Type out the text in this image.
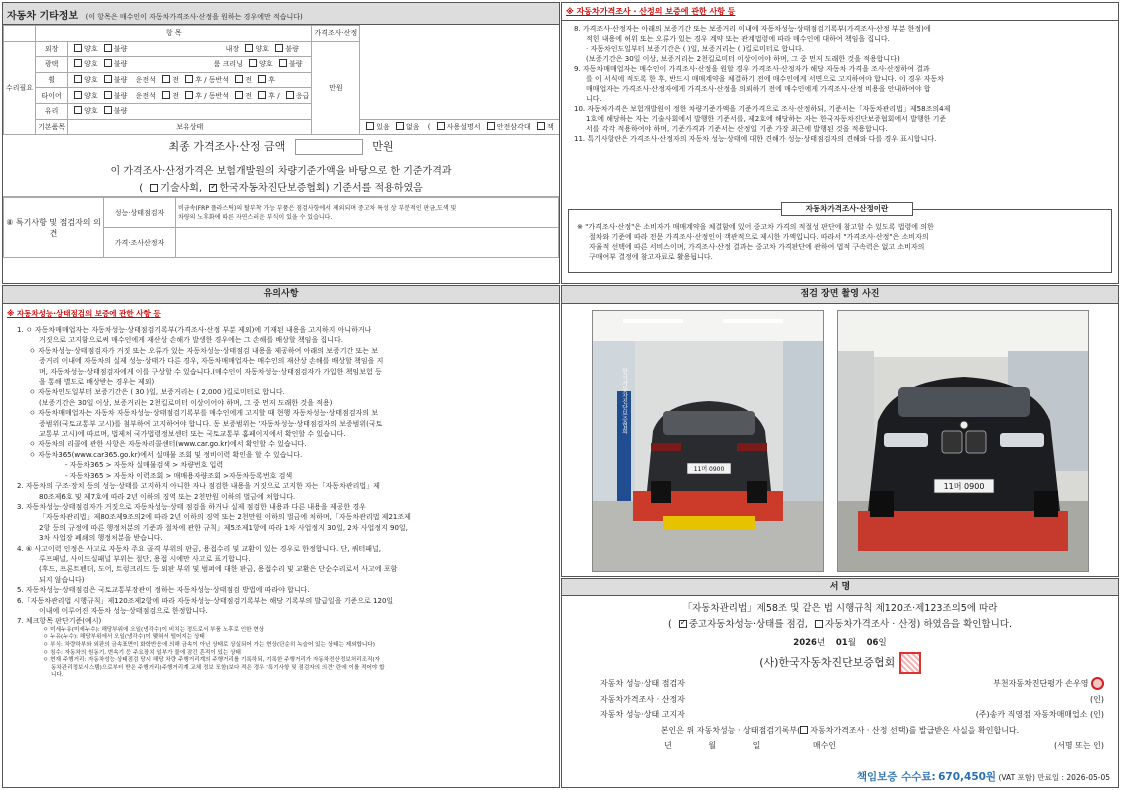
자동차 기타정보 (이 항목은 매수인이 자동차가격조사·산정을 원하는 경우에만 적습니다)
	항 목		가격조사·산정	
수리필요	외장	양호 불량 내장 양호 불량	만원	
	광택	양호 불량 룸 크리닝 양호 불량		
	휠	양호 불량 운전석 전 후 / 동반석 전 후		
	타이어	양호 불량 운전석 전 후 / 동반석 전 후 / 응급		
	유리	양호 불량		
	기본품목	보유상태		있음 없음 ( 사용설명서 안전삼각대 잭
최종 가격조사·산정 금액	만원
이 가격조사·산정가격은 보험개발원의 차량기준가액을 바탕으로 한 기준가격과
( 기술사회, ✓ 한국자동차진단보증협회) 기준서를 적용하였음
⑧ 특기사항 및 점검자의 의견	성능·상태점검자	비금속(FRP 플라스틱)의 탈부착 가능 부품은 점검사항에서 제외되며 중고차 특성 상 부분적인 판금,도색 및
차량의 노후화에 따른 자연스러운 부식이 있을 수 있습니다.

	가격·조사산정자	
※ 자동차가격조사 · 산정의 보증에 관한 사항 등
8. 가격조사·산정자는 아래의 보증기간 또는 보증거리 이내에 자동차성능·상태점검기록부(가격조사·산정 부분 한정)에
적힌 내용에 허위 또는 오류가 있는 경우 계약 또는 관계법령에 따라 매수인에 대하여 책임을 집니다.
· 자동차인도일부터 보증기간은 ( )일, 보증거리는 ( )킬로미터로 합니다.
(보증기간은 30일 이상, 보증거리는 2천킬로미터 이상이어야 하며, 그 중 먼저 도래한 것을 적용합니다)
9. 자동차매매업자는 매수인이 가격조사·산정을 원할 경우 가격조사·산정자가 해당 자동차 가격을 조사·산정하여 결과
를 이 서식에 적도록 한 후, 반드시 매매계약을 체결하기 전에 매수인에게 서면으로 고지하여야 합니다. 이 경우 자동차
매매업자는 가격조사·산정자에게 가격조사·산정을 의뢰하기 전에 매수인에게 가격조사·산정 비용을 안내하여야 합
니다.
10. 자동차가격은 보험개발원이 정한 차량기준가액을 기준가격으로 조사·산정하되, 기준서는「자동차관리법」제58조의4제
1호에 해당하는 자는 기술사회에서 발행한 기준서를, 제2호에 해당하는 자는 한국자동차진단보증협회에서 발행한 기준
서를 각각 적용하여야 하며, 기준가격과 기준서는 산정일 기준 가장 최근에 발행된 것을 적용합니다.
11. 특기사항란은 가격조사·산정자의 자동차 성능·상태에 대한 견해가 성능·상태점검자의 견해와 다를 경우 표시합니다.
자동차가격조사·산정이란
※ "가격조사·산정"은 소비자가 매매계약을 체결함에 있어 중고차 가격의 적절성 판단에 참고할 수 있도록 법령에 의한
절차와 기준에 따라 전문 가격조사·산정인이 객관적으로 제시한 가액입니다. 따라서 "가격조사·산정"은 소비자의
자율적 선택에 따른 서비스이며, 가격조사·산정 결과는 중고차 가격판단에 관하여 법적 구속력은 없고 소비자의
구매여부 결정에 참고자료로 활용됩니다.
유의사항
※ 자동차성능·상태점검의 보증에 관한 사항 등
1. ㅇ 자동차매매업자는 자동차성능·상태점검기록부(가격조사·산정 부분 제외)에 기재된 내용을 고지하지 아니하거나
거짓으로 고지함으로써 매수인에게 재산상 손해가 발생한 경우에는 그 손해를 배상할 책임을 집니다.
ㅇ 자동차성능·상태점검자가 거짓 또는 오류가 있는 자동차성능·상태점검 내용을 제공하여 아래의 보증기간 또는 보
증거리 이내에 자동차의 실제 성능·상태가 다른 경우, 자동차매매업자는 매수인의 재산상 손해를 배상할 책임을 지
며, 자동차성능·상태점검자에게 이를 구상할 수 있습니다.(매수인이 자동차성능·상태점검자가 가입한 책임보험 등
을 통해 별도로 배상받는 경우는 제외)
ㅇ 자동차인도일부터 보증기간은 ( 30 )일, 보증거리는 ( 2,000 )킬로미터로 합니다.
(보증기간은 30일 이상, 보증거리는 2천킬로미터 이상이어야 하며, 그 중 먼저 도래한 것을 적용)
ㅇ 자동차매매업자는 자동차 자동차성능·상태점검기록부를 매수인에게 고지할 때 현행 자동차성능·상태점검자의 보
증범위(국토교통부 고시)를 첨부하여 고지하여야 합니다. 동 보증범위는 '자동차성능·상태점검자의 보증범위(국토
교통부 고시)에 따르며, 법제처 국가법령정보센터 또는 국토교통부 홈페이지에서 확인할 수 있습니다.
ㅇ 자동차의 리콜에 관한 사항은 자동차리콜센터(www.car.go.kr)에서 확인할 수 있습니다.
ㅇ 자동차365(www.car365.go.kr)에서 실매물 조회 및 정비이력 확인을 할 수 있습니다.
- 자동차365 > 자동차 실매물검색 > 차량번호 입력
- 자동차365 > 자동차 이력조회 > 매매용자량조회 >자동차등록번호 검색
2. 자동차의 구조·장치 등의 성능·상태를 고지하지 아니한 자나 점검한 내용을 거짓으로 고지한 자는「자동차관리법」제
80조제6호 및 제7호에 따라 2년 이하의 징역 또는 2천만원 이하의 벌금에 처합니다.
3. 자동차성능·상태점검자가 거짓으로 자동차성능·상태 점검을 하거나 실제 점검한 내용과 다른 내용을 제공한 경우
「자동차관리법」제80조제9조의2에 따라 2년 이하의 징역 또는 2천만원 이하의 벌금에 처하며,「자동차관리법 제21조제
2항 등의 규정에 따른 행정처분의 기준과 절차에 관한 규칙」제5조제1항에 따라 1차 사업정지 30일, 2차 사업정지 90일,
3차 사업장 폐쇄의 행정처분을 받습니다.
4. ⑥ 사고이력 인정은 사고로 자동차 주요 골격 부위의 판금, 용접수리 및 교환이 있는 경우로 한정합니다. 단, 쿼터패널,
루프패널, 사이드실패널 부위는 절단, 용접 시에만 사고로 표기합니다.
(후드, 프론트펜더, 도어, 트렁크리드 등 외판 부위 및 범퍼에 대한 판금, 용접수리 및 교환은 단순수리로서 사고에 포함
되지 않습니다)
5. 자동차성능·상태점검은 국토교통부장관이 정하는 자동차성능·상태점검 방법에 따라야 합니다.
6.「자동차관리법 시행규칙」제120조제2항에 따라 자동차성능·상태점검기록부는 해당 기록부의 발급일을 기준으로 120일
이내에 이루어진 자동차 성능·상태점검으로 한정합니다.
7. 체크항목 판단기준(예시)
ㅇ 미세누유(미세누수): 해당부위에 오일(냉각수)이 비치는 정도로서 부품 노후로 인한 현상
ㅇ 누유(누수): 해당부위에서 오일(냉각수)이 맺혀서 떨어지는 상태
ㅇ 부식: 차량하부와 외판의 금속표면이 화학반응에 의해 금속이 아닌 상태로 상실되어 가는 현상(단순히 녹슬어 있는 상태는 제외합니다)
ㅇ 침수: 자동차의 원동기, 변속기 등 주요장치 일부가 물에 잠긴 흔적이 있는 상태
ㅇ 현재 주행거리: 자동차성능·상태점검 당시 해당 차량 주행거리계의 주행거리를 기록하되, 기록한 주행거리가 자동차전산정보처리조직(자
동차관리정보시스템)으로부터 받은 주행거리(주행거리계 교체 정보 포함)보다 적은 경우 '특기사항 및 점검자의 의견' 란에 이를 적어야 합
니다.
점검 장면 촬영 사진
한국자동차진단보증협회
11머 0900
11머 0900
서 명
「자동차관리법」제58조 및 같은 법 시행규칙 제120조·제123조의5에 따라
( ✓ 중고자동차성능·상태를 점검, 자동차가격조사 · 산정) 하였음을 확인합니다.
2026년 01월 06일
(사)한국자동차진단보증협회
자동차 성능·상태 점검자	부천자동차진단평가 손우영
자동차가격조사 · 산정자	(인)
자동차 성능·상태 고지자	(주)송카 직영점 자동차매매업소 (인)
본인은 위 자동차성능 · 상태점검기록부( 자동차가격조사 · 산정 선택)를 발급받은 사실을 확인합니다.
년	월	일	매수인	(서명 또는 인)
책임보증 수수료: 670,450원 (VAT 포함) 만료일 : 2026-05-05
